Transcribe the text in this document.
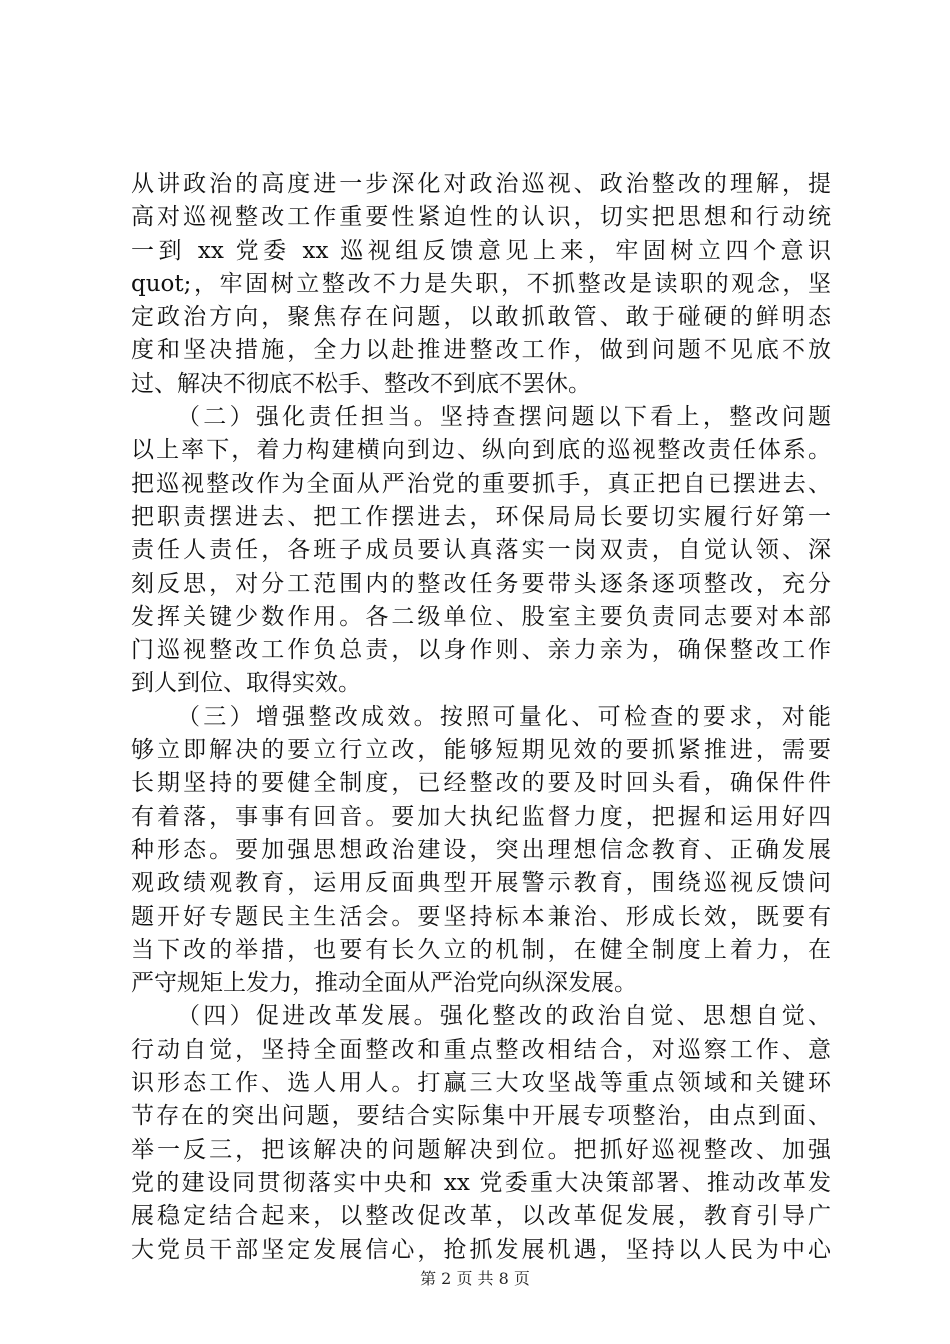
从讲政治的高度进一步深化对政治巡视、政治整改的理解，提
高对巡视整改工作重要性紧迫性的认识，切实把思想和行动统
一到 xx 党委 xx 巡视组反馈意见上来，牢固树立四个意识
quot;，牢固树立整改不力是失职，不抓整改是读职的观念，坚
定政治方向，聚焦存在问题，以敢抓敢管、敢于碰硬的鲜明态
度和坚决措施，全力以赴推进整改工作，做到问题不见底不放
过、解决不彻底不松手、整改不到底不罢休。
（二）强化责任担当。坚持查摆问题以下看上，整改问题
以上率下，着力构建横向到边、纵向到底的巡视整改责任体系。
把巡视整改作为全面从严治党的重要抓手，真正把自已摆进去、
把职责摆进去、把工作摆进去，环保局局长要切实履行好第一
责任人责任，各班子成员要认真落实一岗双责，自觉认领、深
刻反思，对分工范围内的整改任务要带头逐条逐项整改，充分
发挥关键少数作用。各二级单位、股室主要负责同志要对本部
门巡视整改工作负总责，以身作则、亲力亲为，确保整改工作
到人到位、取得实效。
（三）增强整改成效。按照可量化、可检查的要求，对能
够立即解决的要立行立改，能够短期见效的要抓紧推进，需要
长期坚持的要健全制度，已经整改的要及时回头看，确保件件
有着落，事事有回音。要加大执纪监督力度，把握和运用好四
种形态。要加强思想政治建设，突出理想信念教育、正确发展
观政绩观教育，运用反面典型开展警示教育，围绕巡视反馈问
题开好专题民主生活会。要坚持标本兼治、形成长效，既要有
当下改的举措，也要有长久立的机制，在健全制度上着力，在
严守规矩上发力，推动全面从严治党向纵深发展。
（四）促进改革发展。强化整改的政治自觉、思想自觉、
行动自觉，坚持全面整改和重点整改相结合，对巡察工作、意
识形态工作、选人用人。打赢三大攻坚战等重点领域和关键环
节存在的突出问题，要结合实际集中开展专项整治，由点到面、
举一反三，把该解决的问题解决到位。把抓好巡视整改、加强
党的建设同贯彻落实中央和 xx 党委重大决策部署、推动改革发
展稳定结合起来，以整改促改革，以改革促发展，教育引导广
大党员干部坚定发展信心，抢抓发展机遇，坚持以人民为中心
第 2 页 共 8 页
